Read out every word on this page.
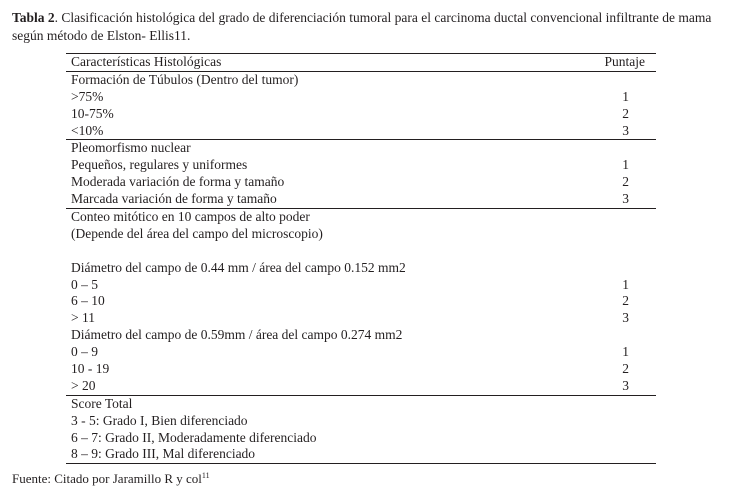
Tabla 2. Clasificación histológica del grado de diferenciación tumoral para el carcinoma ductal convencional infiltrante de mama según método de Elston- Ellis11.
Características Histológicas	Puntaje
Formación de Túbulos (Dentro del tumor)
>75%	1
10-75%	2
<10%	3
Pleomorfismo nuclear
Pequeños, regulares y uniformes	1
Moderada variación de forma y tamaño	2
Marcada variación de forma y tamaño	3
Conteo mitótico en 10 campos de alto poder
(Depende del área del campo del microscopio)
Diámetro del campo de 0.44 mm / área del campo 0.152 mm2
0 – 5	1
6 – 10	2
> 11	3
Diámetro del campo de 0.59mm / área del campo 0.274 mm2
0 – 9	1
10 - 19	2
> 20	3
Score Total
3 - 5: Grado I, Bien diferenciado
6 – 7: Grado II, Moderadamente diferenciado
8 – 9: Grado III, Mal diferenciado
Fuente: Citado por Jaramillo R y col$^{11}$
